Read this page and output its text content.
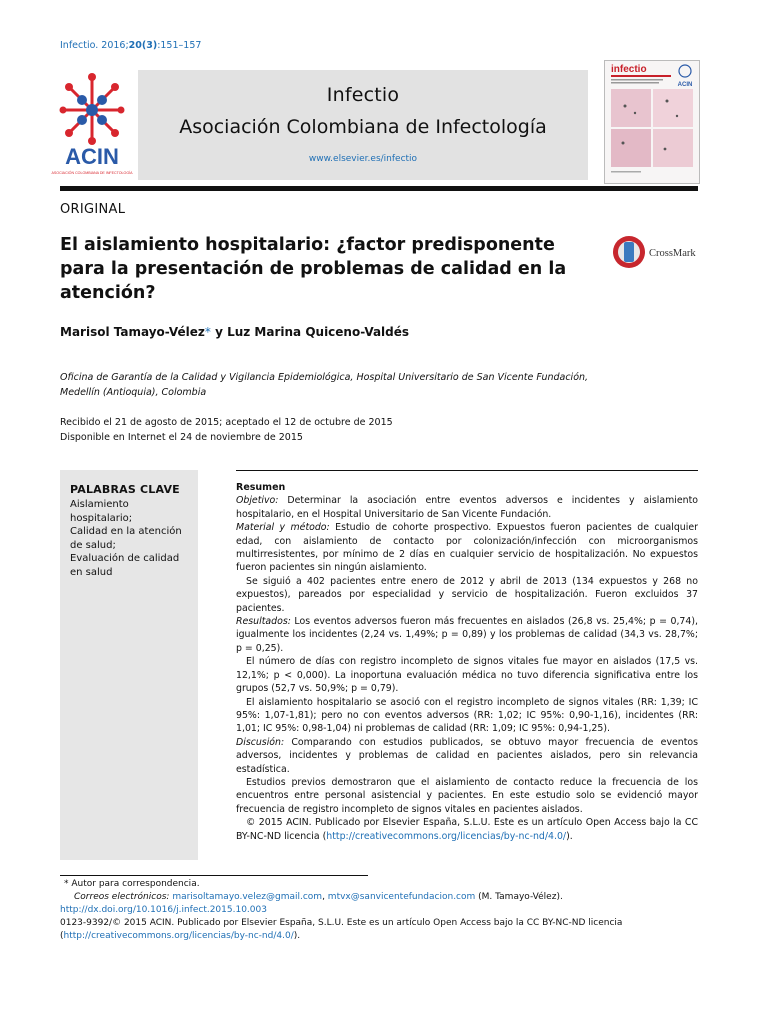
Infectio. 2016;20(3):151–157
ACIN
ASOCIACIÓN COLOMBIANA DE INFECTOLOGÍA
Infectio
Asociación Colombiana de Infectología
www.elsevier.es/infectio
infectio
ACIN
ORIGINAL
El aislamiento hospitalario: ¿factor predisponente para la presentación de problemas de calidad en la atención?
CrossMark
Marisol Tamayo-Vélez* y Luz Marina Quiceno-Valdés
Oficina de Garantía de la Calidad y Vigilancia Epidemiológica, Hospital Universitario de San Vicente Fundación, Medellín (Antioquia), Colombia
Recibido el 21 de agosto de 2015; aceptado el 12 de octubre de 2015
Disponible en Internet el 24 de noviembre de 2015
PALABRAS CLAVE
Aislamiento hospitalario;
Calidad en la atención de salud;
Evaluación de calidad en salud

Resumen

Objetivo: Determinar la asociación entre eventos adversos e incidentes y aislamiento hospitalario, en el Hospital Universitario de San Vicente Fundación.

Material y método: Estudio de cohorte prospectivo. Expuestos fueron pacientes de cualquier edad, con aislamiento de contacto por colonización/infección con microorganismos multirresistentes, por mínimo de 2 días en cualquier servicio de hospitalización. No expuestos fueron pacientes sin ningún aislamiento.

Se siguió a 402 pacientes entre enero de 2012 y abril de 2013 (134 expuestos y 268 no expuestos), pareados por especialidad y servicio de hospitalización. Fueron excluidos 37 pacientes.

Resultados: Los eventos adversos fueron más frecuentes en aislados (26,8 vs. 25,4%; p = 0,74), igualmente los incidentes (2,24 vs. 1,49%; p = 0,89) y los problemas de calidad (34,3 vs. 28,7%; p = 0,25).

El número de días con registro incompleto de signos vitales fue mayor en aislados (17,5 vs. 12,1%; p < 0,000). La inoportuna evaluación médica no tuvo diferencia significativa entre los grupos (52,7 vs. 50,9%; p = 0,79).

El aislamiento hospitalario se asoció con el registro incompleto de signos vitales (RR: 1,39; IC 95%: 1,07-1,81); pero no con eventos adversos (RR: 1,02; IC 95%: 0,90-1,16), incidentes (RR: 1,01; IC 95%: 0,98-1,04) ni problemas de calidad (RR: 1,09; IC 95%: 0,94-1,25).

Discusión: Comparando con estudios publicados, se obtuvo mayor frecuencia de eventos adversos, incidentes y problemas de calidad en pacientes aislados, pero sin relevancia estadística.

Estudios previos demostraron que el aislamiento de contacto reduce la frecuencia de los encuentros entre personal asistencial y pacientes. En este estudio solo se evidenció mayor frecuencia de registro incompleto de signos vitales en pacientes aislados.

© 2015 ACIN. Publicado por Elsevier España, S.L.U. Este es un artículo Open Access bajo la CC BY-NC-ND licencia (http://creativecommons.org/licencias/by-nc-nd/4.0/).

* Autor para correspondencia.
Correos electrónicos: marisoltamayo.velez@gmail.com, mtvx@sanvicentefundacion.com (M. Tamayo-Vélez).
http://dx.doi.org/10.1016/j.infect.2015.10.003
0123-9392/© 2015 ACIN. Publicado por Elsevier España, S.L.U. Este es un artículo Open Access bajo la CC BY-NC-ND licencia (http://creativecommons.org/licencias/by-nc-nd/4.0/).
